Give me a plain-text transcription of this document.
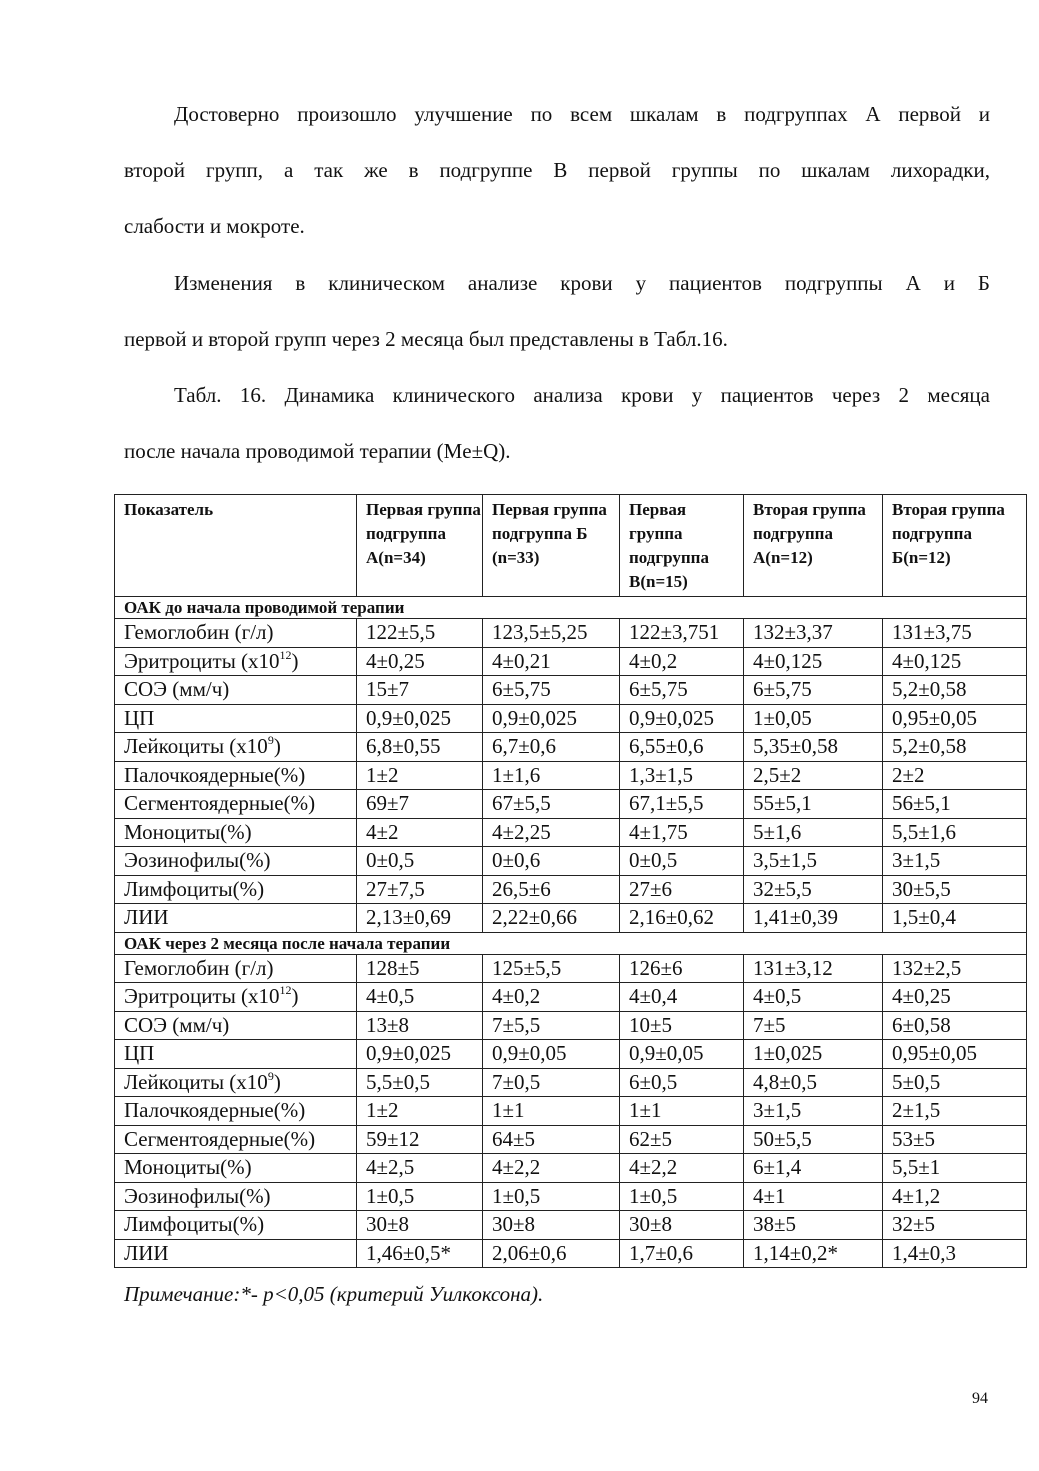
Достоверно произошло улучшение по всем шкалам в подгруппах А первой и
второй групп, а так же в подгруппе В первой группы по шкалам лихорадки,
слабости и мокроте.
Изменения в клиническом анализе крови у пациентов подгруппы А и Б
первой и второй групп через 2 месяца был представлены в Табл.16.
Табл. 16. Динамика клинического анализа крови у пациентов через 2 месяца
после начала проводимой терапии (Me±Q).
Показатель	Первая группа подгруппа А(n=34)	Первая группа подгруппа Б (n=33)	Первая группа подгруппа В(n=15)	Вторая группа подгруппа А(n=12)	Вторая группа подгруппа Б(n=12)
ОАК до начала проводимой терапии					
Гемоглобин (г/л)	122±5,5	123,5±5,25	122±3,751	132±3,37	131±3,75
Эритроциты $(x10^{12})$	4±0,25	4±0,21	4±0,2	4±0,125	4±0,125
СОЭ (мм/ч)	15±7	6±5,75	6±5,75	6±5,75	5,2±0,58
ЦП	0,9±0,025	0,9±0,025	0,9±0,025	1±0,05	0,95±0,05
Лейкоциты $(x10^9)$	6,8±0,55	6,7±0,6	6,55±0,6	5,35±0,58	5,2±0,58
Палочкоядерные(%)	1±2	1±1,6	1,3±1,5	2,5±2	2±2
Сегментоядерные(%)	69±7	67±5,5	67,1±5,5	55±5,1	56±5,1
Моноциты(%)	4±2	4±2,25	4±1,75	5±1,6	5,5±1,6
Эозинофилы(%)	0±0,5	0±0,6	0±0,5	3,5±1,5	3±1,5
Лимфоциты(%)	27±7,5	26,5±6	27±6	32±5,5	30±5,5
ЛИИ	2,13±0,69	2,22±0,66	2,16±0,62	1,41±0,39	1,5±0,4
ОАК через 2 месяца после начала терапии					
Гемоглобин (г/л)	128±5	125±5,5	126±6	131±3,12	132±2,5
Эритроциты $(x10^{12})$	4±0,5	4±0,2	4±0,4	4±0,5	4±0,25
СОЭ (мм/ч)	13±8	7±5,5	10±5	7±5	6±0,58
ЦП	0,9±0,025	0,9±0,05	0,9±0,05	1±0,025	0,95±0,05
Лейкоциты $(x10^9)$	5,5±0,5	7±0,5	6±0,5	4,8±0,5	5±0,5
Палочкоядерные(%)	1±2	1±1	1±1	3±1,5	2±1,5
Сегментоядерные(%)	59±12	64±5	62±5	50±5,5	53±5
Моноциты(%)	4±2,5	4±2,2	4±2,2	6±1,4	5,5±1
Эозинофилы(%)	1±0,5	1±0,5	1±0,5	4±1	4±1,2
Лимфоциты(%)	30±8	30±8	30±8	38±5	32±5
ЛИИ	1,46±0,5*	2,06±0,6	1,7±0,6	1,14±0,2*	1,4±0,3
Примечание:*- p<0,05 (критерий Уилкоксона).
94
